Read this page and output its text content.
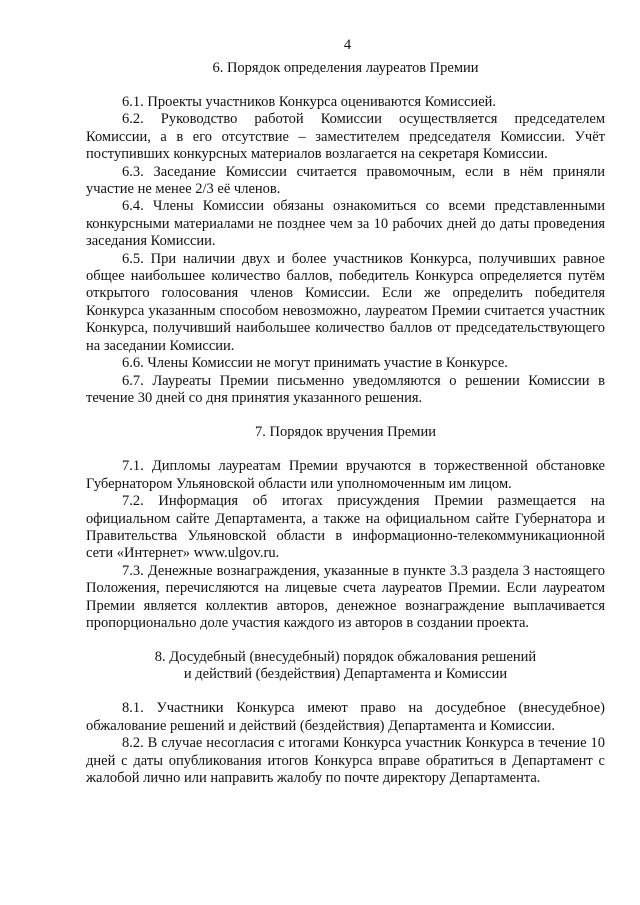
4
6. Порядок определения лауреатов Премии

6.1. Проекты участников Конкурса оцениваются Комиссией.

6.2. Руководство работой Комиссии осуществляется председателем Комиссии, а в его отсутствие – заместителем председателя Комиссии. Учёт поступивших конкурсных материалов возлагается на секретаря Комиссии.

6.3. Заседание Комиссии считается правомочным, если в нём приняли участие не менее 2/3 её членов.

6.4. Члены Комиссии обязаны ознакомиться со всеми представленными конкурсными материалами не позднее чем за 10 рабочих дней до даты проведения заседания Комиссии.

6.5. При наличии двух и более участников Конкурса, получивших равное общее наибольшее количество баллов, победитель Конкурса определяется путём открытого голосования членов Комиссии. Если же определить победителя Конкурса указанным способом невозможно, лауреатом Премии считается участник Конкурса, получивший наибольшее количество баллов от председательствующего на заседании Комиссии.

6.6. Члены Комиссии не могут принимать участие в Конкурсе.

6.7. Лауреаты Премии письменно уведомляются о решении Комиссии в течение 30 дней со дня принятия указанного решения.

7. Порядок вручения Премии

7.1. Дипломы лауреатам Премии вручаются в торжественной обстановке Губернатором Ульяновской области или уполномоченным им лицом.

7.2. Информация об итогах присуждения Премии размещается на официальном сайте Департамента, а также на официальном сайте Губернатора и Правительства Ульяновской области в информационно-телекоммуникационной сети «Интернет» www.ulgov.ru.

7.3. Денежные вознаграждения, указанные в пункте 3.3 раздела 3 настоящего Положения, перечисляются на лицевые счета лауреатов Премии. Если лауреатом Премии является коллектив авторов, денежное вознаграждение выплачивается пропорционально доле участия каждого из авторов в создании проекта.

8. Досудебный (внесудебный) порядок обжалования решений
и действий (бездействия) Департамента и Комиссии

8.1. Участники Конкурса имеют право на досудебное (внесудебное) обжалование решений и действий (бездействия) Департамента и Комиссии.

8.2. В случае несогласия с итогами Конкурса участник Конкурса в течение 10 дней с даты опубликования итогов Конкурса вправе обратиться в Департамент с жалобой лично или направить жалобу по почте директору Департамента.
